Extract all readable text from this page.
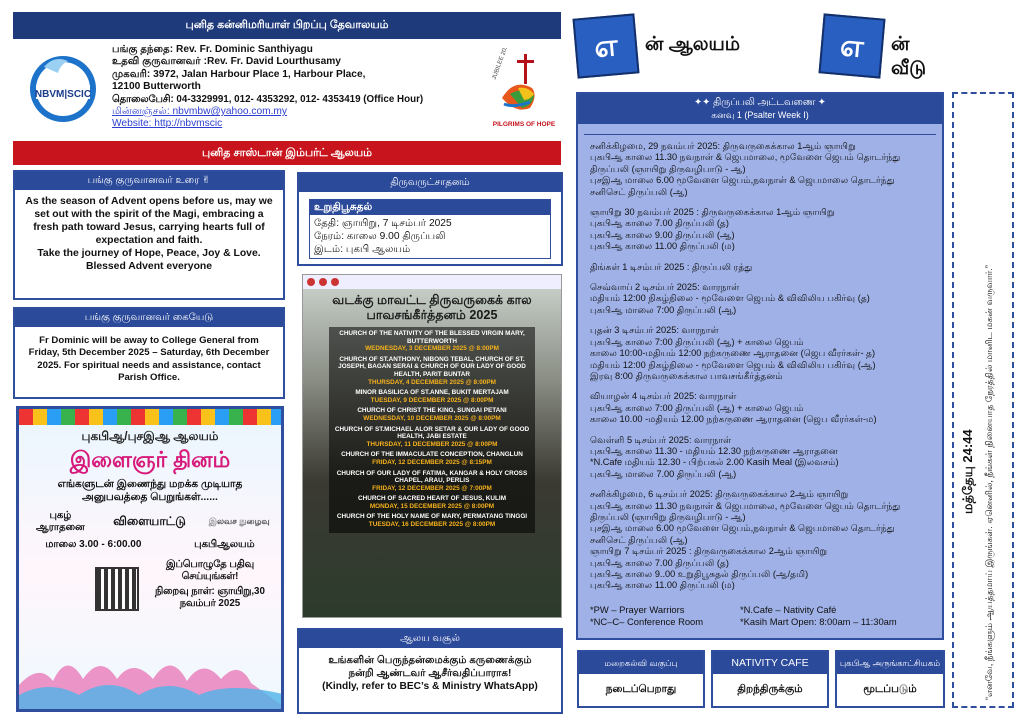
புனித கன்னிமரியாள் பிறப்பு தேவாலயம்
NBVM|SCIC

பங்கு தந்தை: Rev. Fr. Dominic Santhiyagu

உதவி குருவானவர் :Rev. Fr. David Lourthusamy

முகவரி: 3972, Jalan Harbour Place 1, Harbour Place,

12100 Butterworth

தொலைபேசி: 04-3329991, 012- 4353292, 012- 4353419 (Office Hour)

மின்னஞ்சல்: nbvmbw@yahoo.com.my

Website: http://nbvmscic

JUBILEE 2025
PILGRIMS OF HOPE
புனித சாஸ்டான் இம்பர்ட் ஆலயம்
பங்கு குருவானவர் உரை ✌

As the season of Advent opens before us, may we set out with the spirit of the Magi, embracing a fresh path toward Jesus, carrying hearts full of expectation and faith.

Take the journey of Hope, Peace, Joy & Love.

Blessed Advent everyone

பங்கு குருவானவர் கையேடு

Fr Dominic will be away to College General from Friday, 5th December 2025 – Saturday, 6th December 2025. For spiritual needs and assistance, contact Parish Office.

புகபிஆ/புசஇஆ ஆலயம்
இளைஞர் தினம்
எங்களுடன் இணைந்து மறக்க முடியாத அனுபவத்தை பெறுங்கள்......
புகழ் ஆராதனை	விளையாட்டு	இலவச நுழைவு
மாலை 3.00 - 6:00.00	புகபிஆலயம்

இப்பொழுதே பதிவு செய்யுங்கள்!

நிறைவு நாள்: ஞாயிறு,30 நவம்பர் 2025

திருவருட்சாதனம்
உறுதிபூசுதல்

தேதி: ஞாயிறு, 7 டிசம்பர் 2025

நேரம்: காலை 9.00 திருப்பலி

இடம்: புகபி ஆலயம்

வடக்கு மாவட்ட திருவருகைக் கால பாவசங்கீர்த்தனம் 2025

CHURCH OF THE NATIVITY OF THE BLESSED VIRGIN MARY, BUTTERWORTH

WEDNESDAY, 3 DECEMBER 2025 @ 8:00PM

CHURCH OF ST.ANTHONY, NIBONG TEBAL, CHURCH OF ST. JOSEPH, BAGAN SERAI & CHURCH OF OUR LADY OF GOOD HEALTH, PARIT BUNTAR

THURSDAY, 4 DECEMBER 2025 @ 8:00PM

MINOR BASILICA OF ST.ANNE, BUKIT MERTAJAM

TUESDAY, 9 DECEMBER 2025 @ 8:00PM

CHURCH OF CHRIST THE KING, SUNGAI PETANI

WEDNESDAY, 10 DECEMBER 2025 @ 8:00PM

CHURCH OF ST.MICHAEL ALOR SETAR & OUR LADY OF GOOD HEALTH, JABI ESTATE

THURSDAY, 11 DECEMBER 2025 @ 8:00PM

CHURCH OF THE IMMACULATE CONCEPTION, CHANGLUN

FRIDAY, 12 DECEMBER 2025 @ 8:15PM

CHURCH OF OUR LADY OF FATIMA, KANGAR & HOLY CROSS CHAPEL, ARAU, PERLIS

FRIDAY, 12 DECEMBER 2025 @ 7:00PM

CHURCH OF SACRED HEART OF JESUS, KULIM

MONDAY, 15 DECEMBER 2025 @ 8:00PM

CHURCH OF THE HOLY NAME OF MARY, PERMATANG TINGGI

TUESDAY, 16 DECEMBER 2025 @ 8:00PM

ஆலய வசூல்

உங்களின் பெருந்தன்மைக்கும் கருணைக்கும்

நன்றி ஆண்டவர் ஆசீர்வதிப்பாராக!

(Kindly, refer to BEC’s & Ministry WhatsApp)

எ	ன் ஆலயம்	எ	ன் வீடு

✦✦ திருப்பலி அட்டவணை ✦

கனவு 1 (Psalter Week I)

சனிக்கிழமை, 29 நவம்பர் 2025: திருவருகைக்கால 1ஆம் ஞாயிறு

புகபிஆ காலை 11.30 நவநாள் & ஜெபமாலை, மூவேளை ஜெபம் தொடர்ந்து

திருப்பலி (ஞாயிறு திருவழிபாடு - ஆ)

புசஇஆ மாலை 6.00 மூவேளை ஜெபம்,நவநாள் & ஜெபமாலை தொடர்ந்து

சனிசெட் திருப்பலி (ஆ)

ஞாயிறு 30 நவம்பர் 2025 : திருவருகைக்கால 1ஆம் ஞாயிறு

புகபிஆ காலை 7.00 திருப்பலி (த)

புகபிஆ காலை 9.00 திருப்பலி (ஆ)

புகபிஆ காலை 11.00 திருப்பலி (ம)

திங்கள் 1 டிசம்பர் 2025 : திருப்பலி ரத்து

செவ்வாய் 2 டிசம்பர் 2025: வாரநாள்

மதியம் 12:00 நிகழ்நிலை - மூவேளை ஜெபம் & விவிலிய பகிர்வு (த)

புகபிஆ மாலை 7:00 திருப்பலி (ஆ)

புதன் 3 டிசம்பர் 2025: வாரநாள்

புகபிஆ காலை 7:00 திருப்பலி (ஆ) + காலை ஜெபம்

காலை 10:00-மதியம் 12:00 நற்கருணை ஆராதனை (ஜெப வீரர்கள்- த)

மதியம் 12:00 நிகழ்நிலை - மூவேளை ஜெபம் & விவிலிய பகிர்வு (ஆ)

இரவு 8:00 திருவருகைக்கால பாவசங்கீர்த்தனம்

வியாழன் 4 டிசம்பர் 2025: வாரநாள்

புகபிஆ காலை 7:00 திருப்பலி (ஆ) + காலை ஜெபம்

காலை 10.00 -மதியம் 12.00 நற்கருணை ஆராதனை (ஜெப வீரர்கள்-ம)

வெள்ளி 5 டிசம்பர் 2025: வாரநாள்

புகபிஆ காலை 11.30 - மதியம் 12.30 நற்கருணை ஆராதனை

*N.Cafe மதியம் 12.30 - பிற்பகல் 2.00 Kasih Meal (இலவசம்)

புகபிஆ மாலை 7.00 திருப்பலி (ஆ)

சனிக்கிழமை, 6 டிசம்பர் 2025: திருவருகைக்கால 2ஆம் ஞாயிறு

புகபிஆ காலை 11.30 நவநாள் & ஜெபமாலை, மூவேளை ஜெபம் தொடர்ந்து

திருப்பலி (ஞாயிறு திருவழிபாடு - ஆ)

புசஇஆ மாலை 6.00 மூவேளை ஜெபம்,நவநாள் & ஜெபமாலை தொடர்ந்து

சனிசெட் திருப்பலி (ஆ)

ஞாயிறு 7 டிசம்பர் 2025 : திருவருகைக்கால 2ஆம் ஞாயிறு

புகபிஆ காலை 7.00 திருப்பலி (த)

புகபிஆ காலை 9..00 உறுதிபூசுதல் திருப்பலி (ஆ/தமி)

புகபிஆ காலை 11.00 திருப்பலி (ம)

*PW – Prayer Warriors	*N.Cafe – Nativity Café

*NC–C– Conference Room	*Kasih Mart Open: 8:00am – 11:30am

மறைகல்வி வகுப்பு
நடைப்பெறாது
NATIVITY CAFE
திறந்திருக்கும்
புகபிஆ அருங்காட்சியகம்
மூடப்படும்
மத்தேயு 24:44 “எனவே, நீங்களும் ஆயத்தமாய் இருங்கள். ஏனெனில், நீங்கள் நினையாத நேரத்தில் மானிட மகன் வருவார்.”
